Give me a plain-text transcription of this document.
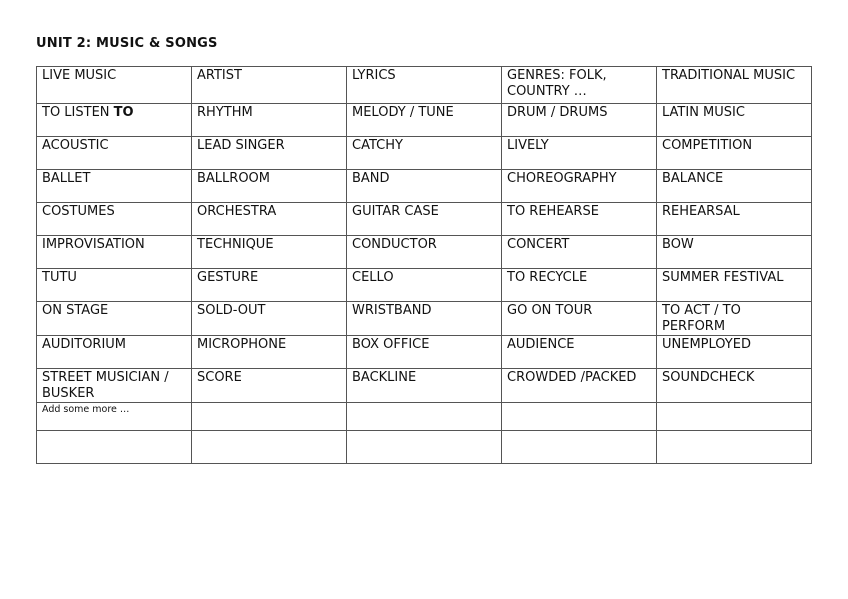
UNIT 2: MUSIC & SONGS
LIVE MUSIC	ARTIST	LYRICS	GENRES: FOLK, COUNTRY …	TRADITIONAL MUSIC
TO LISTEN TO	RHYTHM	MELODY / TUNE	DRUM / DRUMS	LATIN MUSIC
ACOUSTIC	LEAD SINGER	CATCHY	LIVELY	COMPETITION
BALLET	BALLROOM	BAND	CHOREOGRAPHY	BALANCE
COSTUMES	ORCHESTRA	GUITAR CASE	TO REHEARSE	REHEARSAL
IMPROVISATION	TECHNIQUE	CONDUCTOR	CONCERT	BOW
TUTU	GESTURE	CELLO	TO RECYCLE	SUMMER FESTIVAL
ON STAGE	SOLD-OUT	WRISTBAND	GO ON TOUR	TO ACT / TO PERFORM
AUDITORIUM	MICROPHONE	BOX OFFICE	AUDIENCE	UNEMPLOYED
STREET MUSICIAN / BUSKER	SCORE	BACKLINE	CROWDED /PACKED	SOUNDCHECK
Add some more …				
